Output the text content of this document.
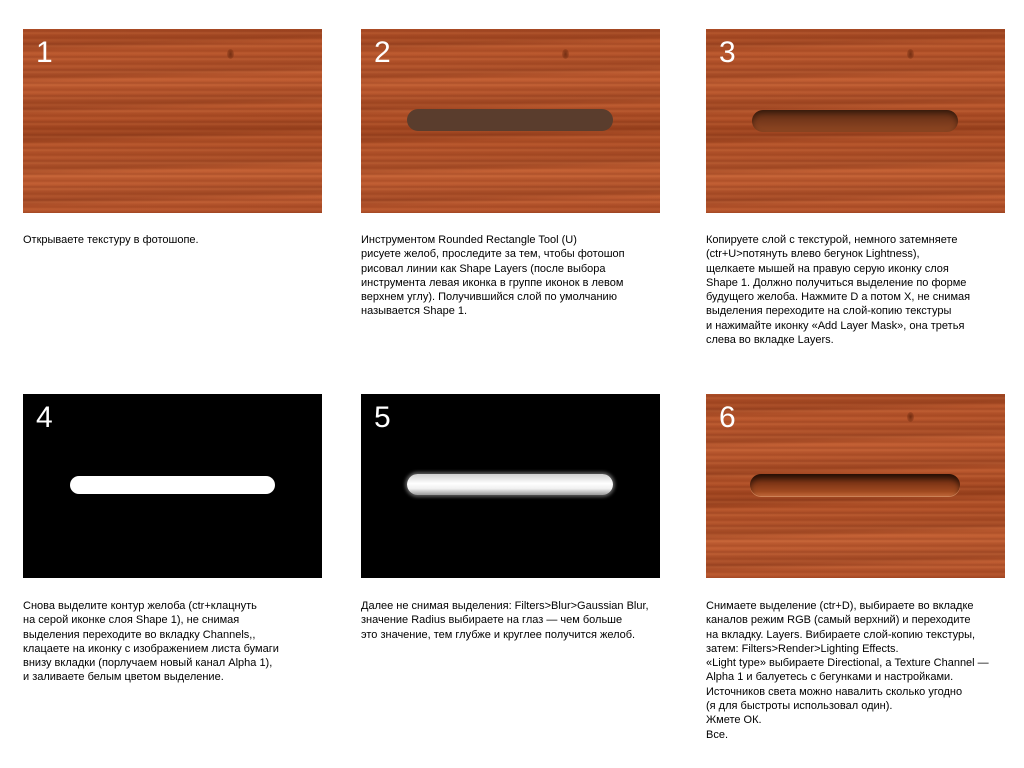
1

Открываете текстуру в фотошопе.

2

Инструментом Rounded Rectangle Tool (U)

рисуете желоб, проследите за тем, чтобы фотошоп

рисовал линии как Shape Layers (после выбора

инструмента левая иконка в группе иконок в левом

верхнем углу). Получившийся слой по умолчанию

называется Shape 1.

3

Копируете слой с текстурой, немного затемняете

(ctr+U>потянуть влево бегунок Lightness),

щелкаете мышей на правую серую иконку слоя

Shape 1. Должно получиться выделение по форме

будущего желоба. Нажмите D а потом X, не снимая

выделения переходите на слой-копию текстуры

и нажимайте иконку «Add Layer Mask», она третья

слева во вкладке Layers.

4

Снова выделите контур желоба (ctr+клацнуть

на серой иконке слоя Shape 1), не снимая

выделения переходите во вкладку Channels,,

клацаете на иконку с изображением листа бумаги

внизу вкладки (порлучаем новый канал Alpha 1),

и заливаете белым цветом выделение.

5

Далее не снимая выделения: Filters>Blur>Gaussian Blur,

значение Radius выбираете на глаз — чем больше

это значение, тем глубже и круглее получится желоб.

6

Снимаете выделение (ctr+D), выбираете во вкладке

каналов режим RGB (самый верхний) и переходите

на вкладку. Layers. Вибираете слой-копию текстуры,

затем: Filters>Render>Lighting Effects.

«Light type» выбираете Directional, а Texture Channel —

Alpha 1 и балуетесь с бегунками и настройками.

Источников света можно навалить сколько угодно

(я для быстроты использовал один).

Жмете ОК.

Все.
